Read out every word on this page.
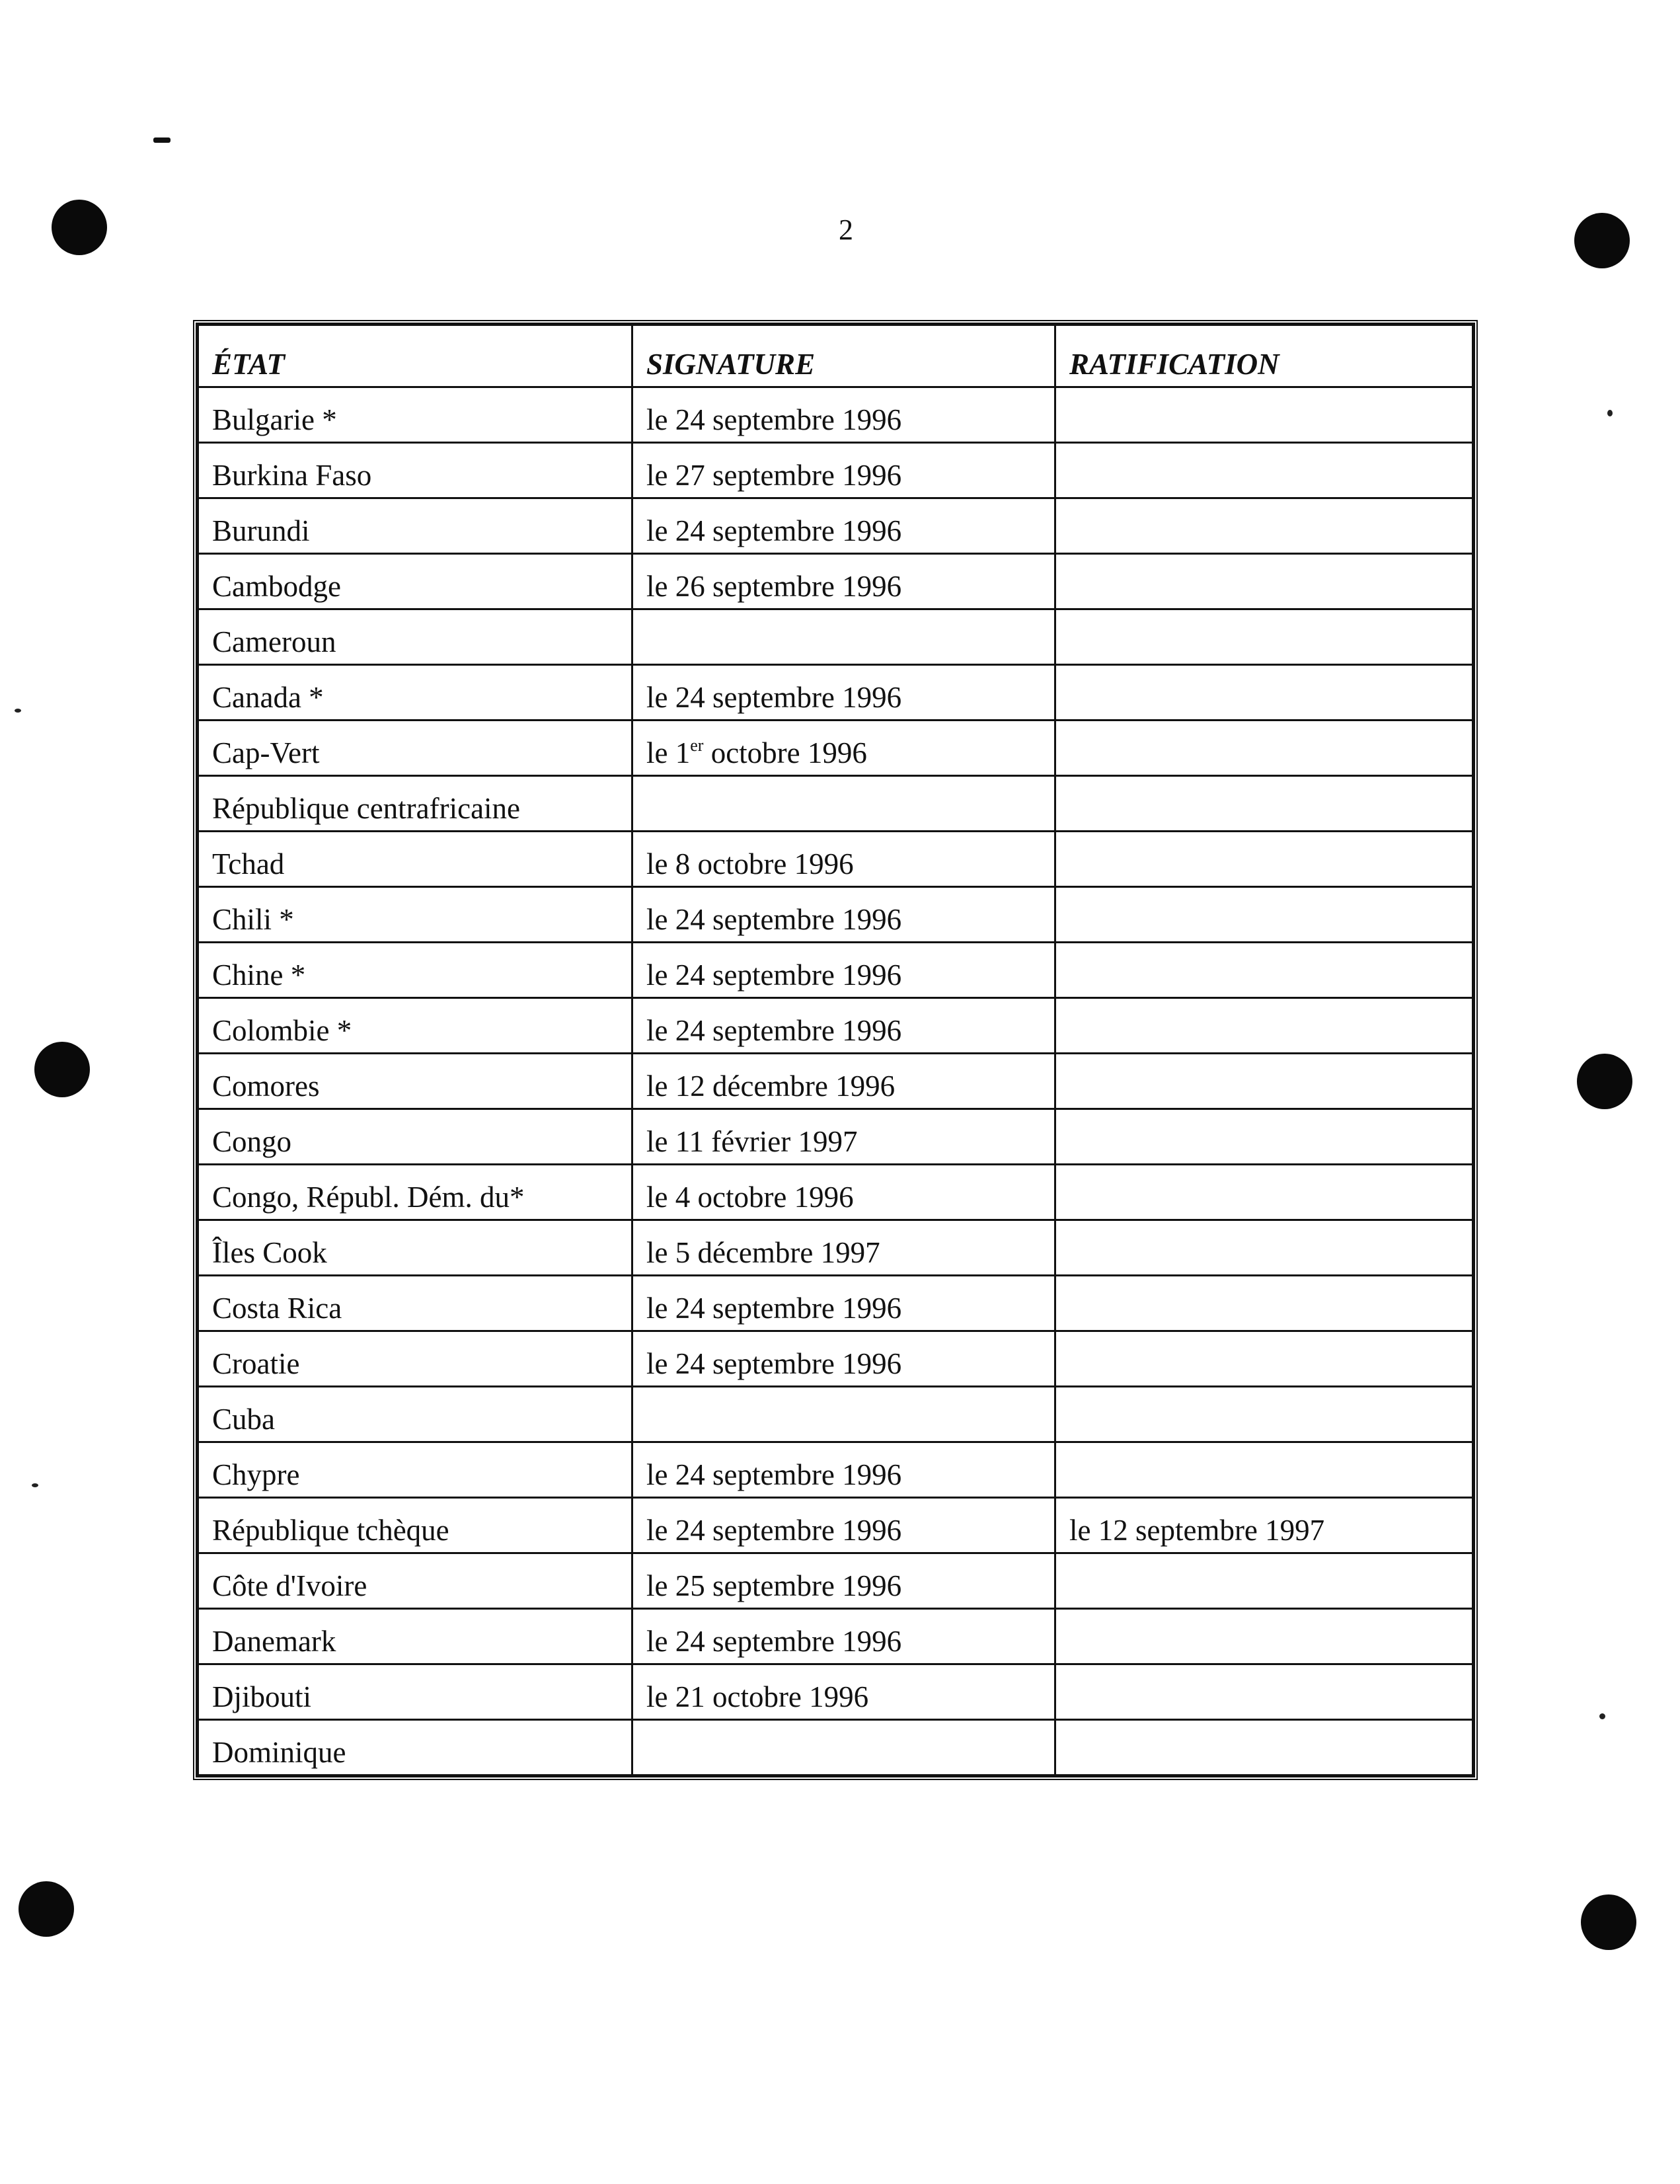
2
ÉTAT	SIGNATURE	RATIFICATION
Bulgarie *	le 24 septembre 1996	
Burkina Faso	le 27 septembre 1996	
Burundi	le 24 septembre 1996	
Cambodge	le 26 septembre 1996	
Cameroun		
Canada *	le 24 septembre 1996	
Cap-Vert	le 1er octobre 1996	
République centrafricaine		
Tchad	le 8 octobre 1996	
Chili *	le 24 septembre 1996	
Chine *	le 24 septembre 1996	
Colombie *	le 24 septembre 1996	
Comores	le 12 décembre 1996	
Congo	le 11 février 1997	
Congo, Républ. Dém. du*	le 4 octobre 1996	
Îles Cook	le 5 décembre 1997	
Costa Rica	le 24 septembre 1996	
Croatie	le 24 septembre 1996	
Cuba		
Chypre	le 24 septembre 1996	
République tchèque	le 24 septembre 1996	le 12 septembre 1997
Côte d'Ivoire	le 25 septembre 1996	
Danemark	le 24 septembre 1996	
Djibouti	le 21 octobre 1996	
Dominique		
